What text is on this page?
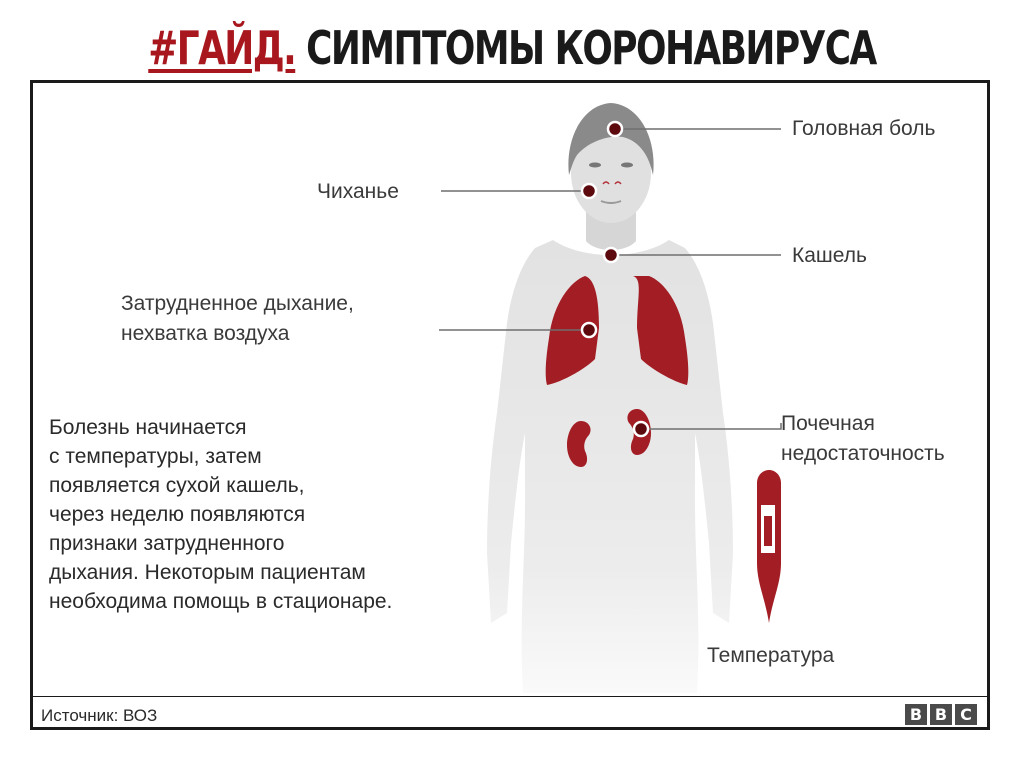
#ГАЙД. СИМПТОМЫ КОРОНАВИРУСА
Головная боль
Чиханье
Кашель
Затрудненное дыхание,
нехватка воздуха
Почечная
недостаточность
Температура
Болезнь начинается
с температуры, затем
появляется сухой кашель,
через неделю появляются
признаки затрудненного
дыхания. Некоторым пациентам
необходима помощь в стационаре.
Источник: ВОЗ	B B C
